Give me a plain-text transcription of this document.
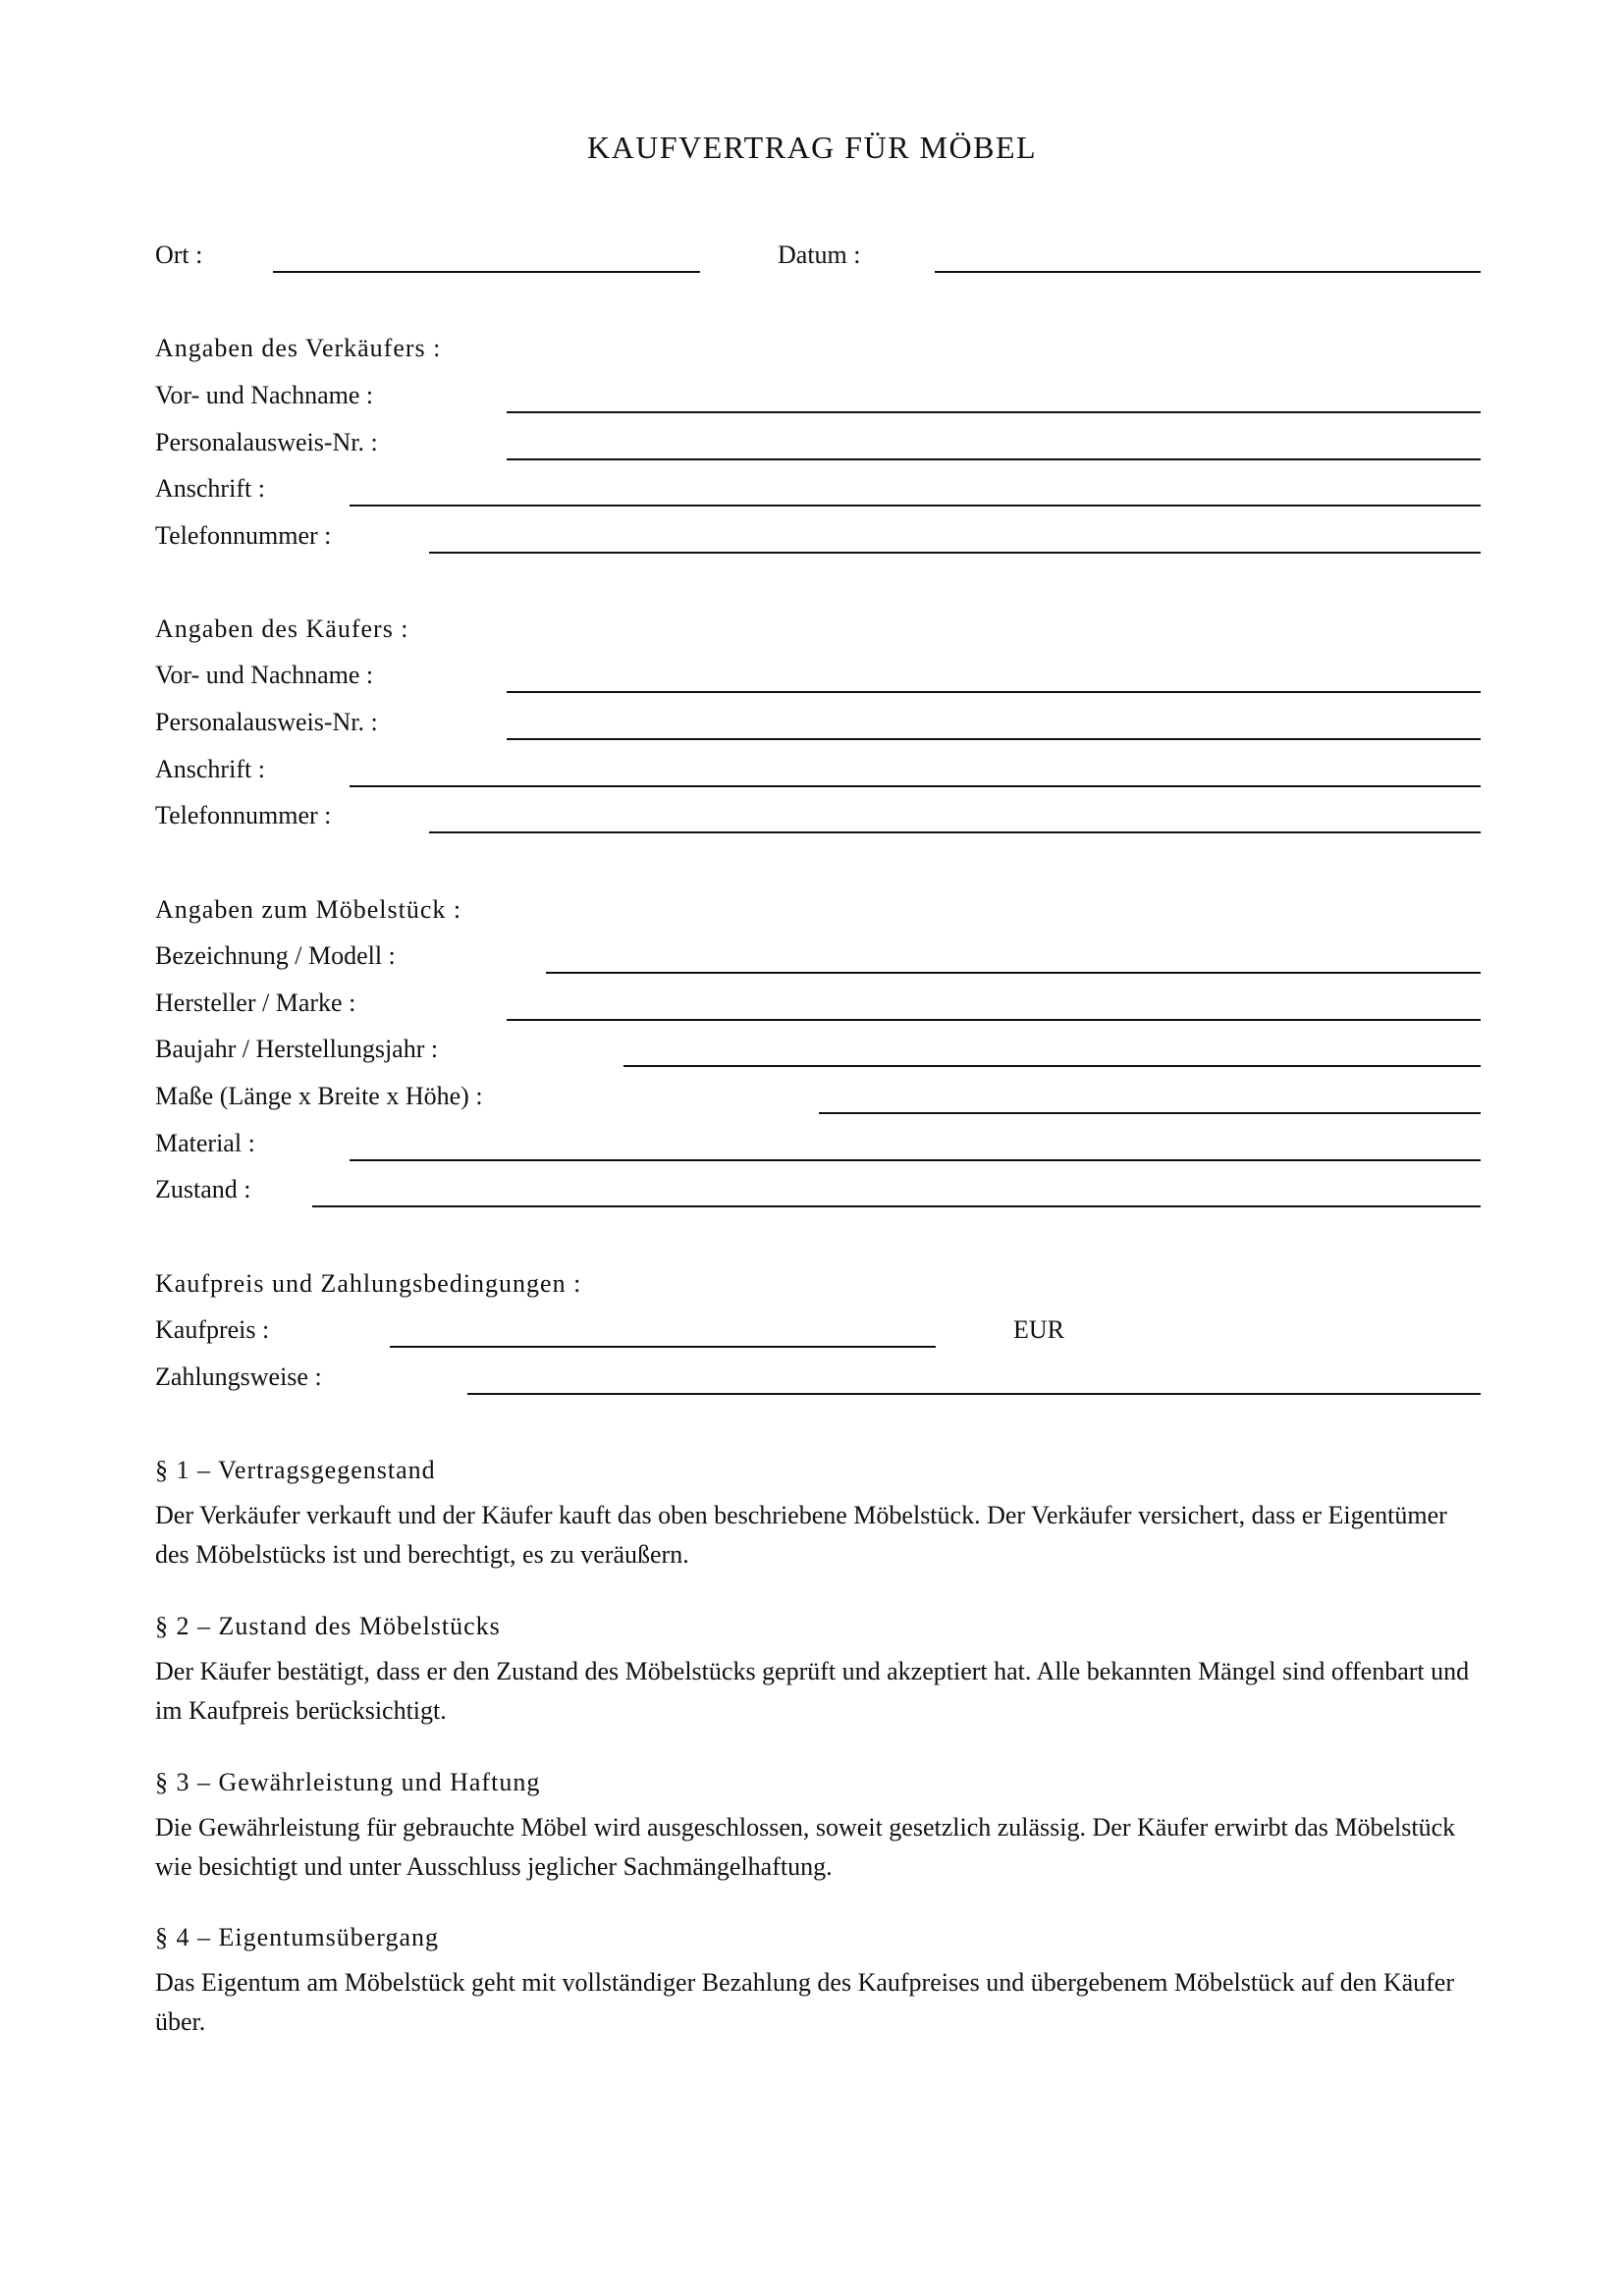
KAUFVERTRAG FÜR MÖBEL
Ort :	Datum :
Angaben des Verkäufers :
Vor- und Nachname :
Personalausweis-Nr. :
Anschrift :
Telefonnummer :
Angaben des Käufers :
Vor- und Nachname :
Personalausweis-Nr. :
Anschrift :
Telefonnummer :
Angaben zum Möbelstück :
Bezeichnung / Modell :
Hersteller / Marke :
Baujahr / Herstellungsjahr :
Maße (Länge x Breite x Höhe) :
Material :
Zustand :
Kaufpreis und Zahlungsbedingungen :
Kaufpreis :	EUR
Zahlungsweise :
§ 1 – Vertragsgegenstand
Der Verkäufer verkauft und der Käufer kauft das oben beschriebene Möbelstück. Der Verkäufer versichert, dass er Eigentümer des Möbelstücks ist und berechtigt, es zu veräußern.
§ 2 – Zustand des Möbelstücks
Der Käufer bestätigt, dass er den Zustand des Möbelstücks geprüft und akzeptiert hat. Alle bekannten Mängel sind offenbart und im Kaufpreis berücksichtigt.
§ 3 – Gewährleistung und Haftung
Die Gewährleistung für gebrauchte Möbel wird ausgeschlossen, soweit gesetzlich zulässig. Der Käufer erwirbt das Möbelstück wie besichtigt und unter Ausschluss jeglicher Sachmängelhaftung.
§ 4 – Eigentumsübergang
Das Eigentum am Möbelstück geht mit vollständiger Bezahlung des Kaufpreises und übergebenem Möbelstück auf den Käufer über.
